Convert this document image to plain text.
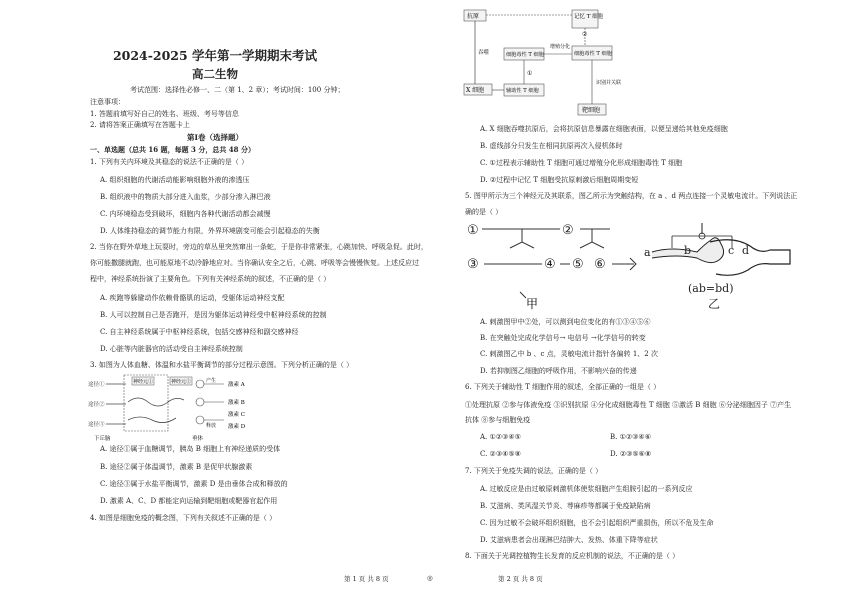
2024-2025 学年第一学期期末考试
高二生物
考试范围：选择性必修一、二（第 1、2 章）；考试时间：100 分钟；
注意事项：
1. 答题前填写好自己的姓名、班级、考号等信息
2. 请将答案正确填写在答题卡上
第Ⅰ卷（选择题）
一、单选题（总共 16 题，每题 3 分，总共 48 分）
1. 下列有关内环境及其稳态的说法不正确的是（ ）
A. 组织细胞的代谢活动能影响细胞外液的渗透压
B. 组织液中的物质大部分进入血浆，少部分渗入淋巴液
C. 内环境稳态受到破坏，细胞内各种代谢活动都会减慢
D. 人体维持稳态的调节能力有限，外界环境剧变可能会引起稳态的失衡
2. 当你在野外草地上玩耍时，旁边的草丛里突然窜出一条蛇，于是你非常紧张，心跳加快、呼吸急促。此时，
你可能撒腿就跑，也可能原地不动冷静地应对。当你确认安全之后，心跳、呼吸等会慢慢恢复。上述反应过
程中，神经系统扮演了主要角色。下列有关神经系统的叙述，不正确的是（ ）
A. 疾跑等躲避动作依赖骨骼肌的运动，受躯体运动神经支配
B. 人可以控制自己是否跑开，是因为躯体运动神经受中枢神经系统的控制
C. 自主神经系统属于中枢神经系统，包括交感神经和副交感神经
D. 心脏等内脏器官的活动受自主神经系统控制
3. 如图为人体血糖、体温和水盐平衡调节的部分过程示意图。下列分析正确的是（ ）
途径①
途径②
途径③
神经元①	神经元②	产生
激素 A
激素 B
激素 C
激素 D
释放
下丘脑	垂体
A. 途径①属于血糖调节，胰岛 B 细胞上有神经递质的受体
B. 途径②属于体温调节，激素 B 是促甲状腺激素
C. 途径③属于水盐平衡调节，激素 D 是由垂体合成和释放的
D. 激素 A、C、D 都能定向运输到靶细胞或靶器官起作用
4. 如图是细胞免疫的概念图，下列有关叙述不正确的是（ ）
第 1 页 共 8 页
抗原
吞噬
X 细胞
记忆 T 细胞
细胞毒性 T 细胞
辅助性 T 细胞
①
增殖分化
②
细胞毒性 T 细胞
识别并关联
靶细胞
A. X 细胞吞噬抗原后，会将抗原信息暴露在细胞表面，以便呈递给其他免疫细胞
B. 虚线部分只发生在相同抗原再次入侵机体时
C. ①过程表示辅助性 T 细胞可通过增殖分化形成细胞毒性 T 细胞
D. ②过程中记忆 T 细胞受抗原刺激后细胞周期变短
5. 图甲所示为三个神经元及其联系，图乙所示为突触结构，在 a 、d 两点连接一个灵敏电流计。下列说法正
确的是（ ）
①	②
③	④ ⑤ ⑥
甲
a	b	c d
(ab=bd)
乙
A. 刺激图甲中②处，可以测到电位变化的有①③④⑤⑥
B. 在突触处完成化学信号→ 电信号 →化学信号的转变
C. 刺激图乙中 b 、c 点，灵敏电流计指针各偏转 1、2 次
D. 若抑制图乙细胞的呼吸作用，不影响兴奋的传递
6. 下列关于辅助性 T 细胞作用的叙述，全部正确的一组是（ ）
①处理抗原 ②参与体液免疫 ③识别抗原 ④分化成细胞毒性 T 细胞 ⑤激活 B 细胞 ⑥分泌细胞因子 ⑦产生
抗体 ⑧参与细胞免疫
A. ①②③④⑤	B. ①②③④⑥
C. ②③④⑤⑧	D. ②③⑤⑥⑧
7. 下列关于免疫失调的说法，正确的是（ ）
A. 过敏反应是由过敏原刺激机体使浆细胞产生组胺引起的一系列反应
B. 艾滋病、类风湿关节炎、荨麻疹等都属于免疫缺陷病
C. 因为过敏不会破坏组织细胞，也不会引起组织严重损伤，所以不危及生命
D. 艾滋病患者会出现淋巴结肿大、发热、体重下降等症状
8. 下面关于光调控植物生长发育的反应机制的说法，不正确的是（ ）
◎	第 2 页 共 8 页
